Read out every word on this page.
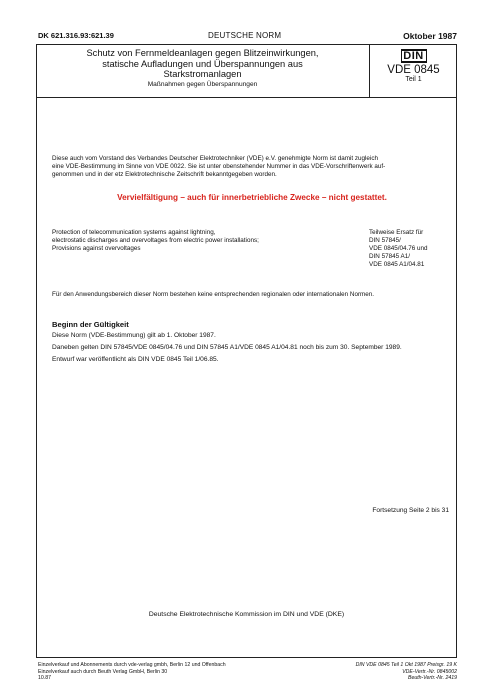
DK 621.316.93:621.39	DEUTSCHE NORM	Oktober 1987
Schutz von Fernmeldeanlagen gegen Blitzeinwirkungen,
statische Aufladungen und Überspannungen aus
Starkstromanlagen
Maßnahmen gegen Überspannungen
DIN
VDE 0845
Teil 1
Diese auch vom Vorstand des Verbandes Deutscher Elektrotechniker (VDE) e.V. genehmigte Norm ist damit zugleich
eine VDE-Bestimmung im Sinne von VDE 0022. Sie ist unter obenstehender Nummer in das VDE-Vorschriftenwerk auf-
genommen und in der etz Elektrotechnische Zeitschrift bekanntgegeben worden.
Vervielfältigung – auch für innerbetriebliche Zwecke – nicht gestattet.
Protection of telecommunication systems against lightning,
electrostatic discharges and overvoltages from electric power installations;
Provisions against overvoltages
Teilweise Ersatz für
DIN 57845/
VDE 0845/04.76 und
DIN 57845 A1/
VDE 0845 A1/04.81
Für den Anwendungsbereich dieser Norm bestehen keine entsprechenden regionalen oder internationalen Normen.
Beginn der Gültigkeit
Diese Norm (VDE-Bestimmung) gilt ab 1. Oktober 1987.
Daneben gelten DIN 57845/VDE 0845/04.76 und DIN 57845 A1/VDE 0845 A1/04.81 noch bis zum 30. September 1989.
Entwurf war veröffentlicht als DIN VDE 0845 Teil 1/06.85.
Fortsetzung Seite 2 bis 31
Deutsche Elektrotechnische Kommission im DIN und VDE (DKE)
Einzelverkauf und Abonnements durch vde-verlag gmbh, Berlin 12 und Offenbach
Einzelverkauf auch durch Beuth Verlag GmbH, Berlin 30
10.87
DIN VDE 0845 Teil 1 Okt 1987 Preisgr. 19 K
VDE-Vertr.-Nr. 0845002
Beuth-Vertr.-Nr. 2419
